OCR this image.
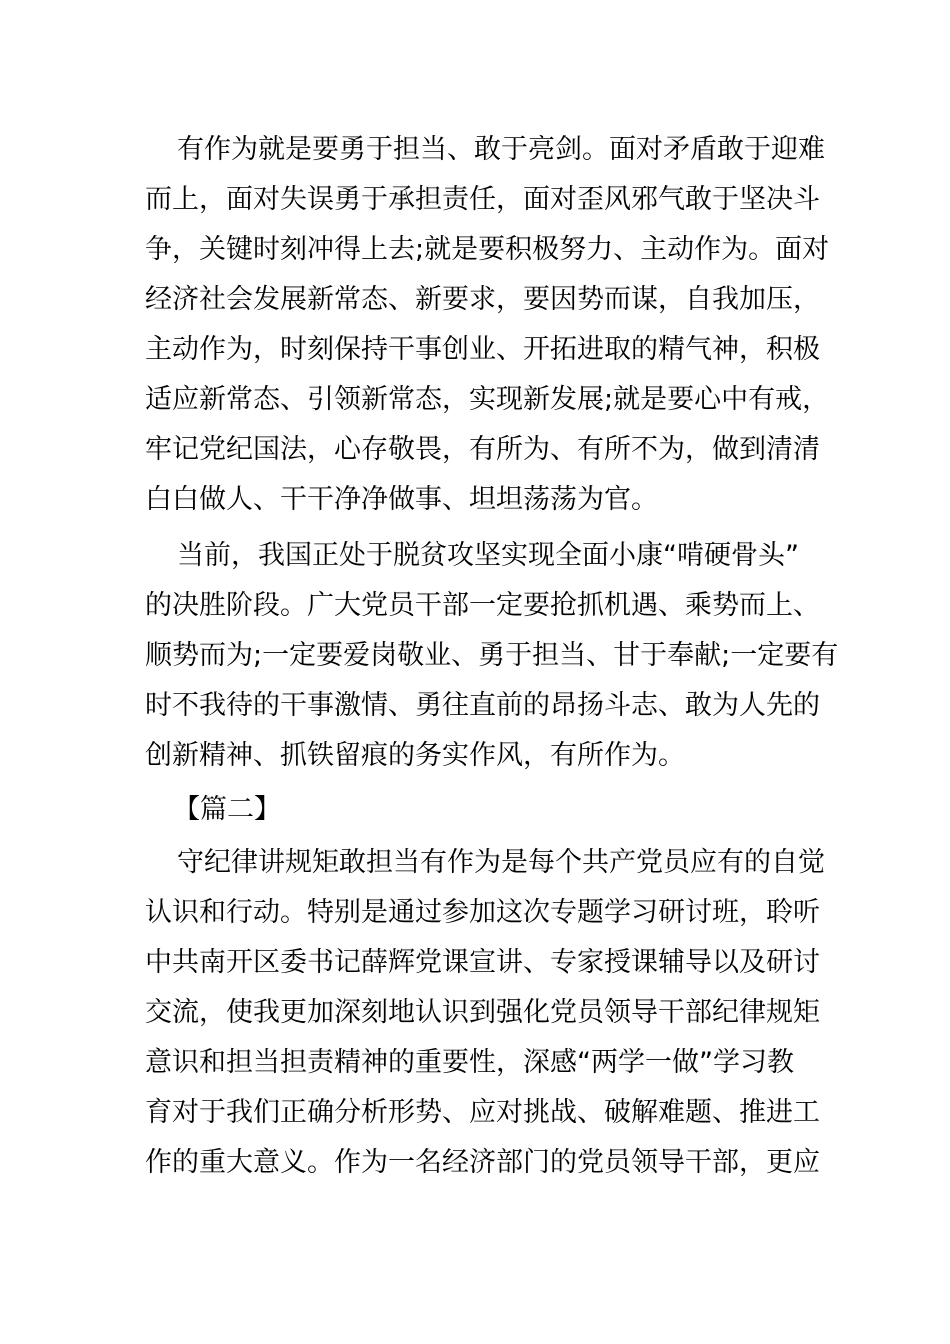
有作为就是要勇于担当、敢于亮剑。面对矛盾敢于迎难
而上，面对失误勇于承担责任，面对歪风邪气敢于坚决斗
争，关键时刻冲得上去;就是要积极努力、主动作为。面对
经济社会发展新常态、新要求，要因势而谋，自我加压，
主动作为，时刻保持干事创业、开拓进取的精气神，积极
适应新常态、引领新常态，实现新发展;就是要心中有戒，
牢记党纪国法，心存敬畏，有所为、有所不为，做到清清
白白做人、干干净净做事、坦坦荡荡为官。
当前，我国正处于脱贫攻坚实现全面小康“啃硬骨头”
的决胜阶段。广大党员干部一定要抢抓机遇、乘势而上、
顺势而为;一定要爱岗敬业、勇于担当、甘于奉献;一定要有
时不我待的干事激情、勇往直前的昂扬斗志、敢为人先的
创新精神、抓铁留痕的务实作风，有所作为。
【篇二】
守纪律讲规矩敢担当有作为是每个共产党员应有的自觉
认识和行动。特别是通过参加这次专题学习研讨班，聆听
中共南开区委书记薛辉党课宣讲、专家授课辅导以及研讨
交流，使我更加深刻地认识到强化党员领导干部纪律规矩
意识和担当担责精神的重要性，深感“两学一做”学习教
育对于我们正确分析形势、应对挑战、破解难题、推进工
作的重大意义。作为一名经济部门的党员领导干部，更应
